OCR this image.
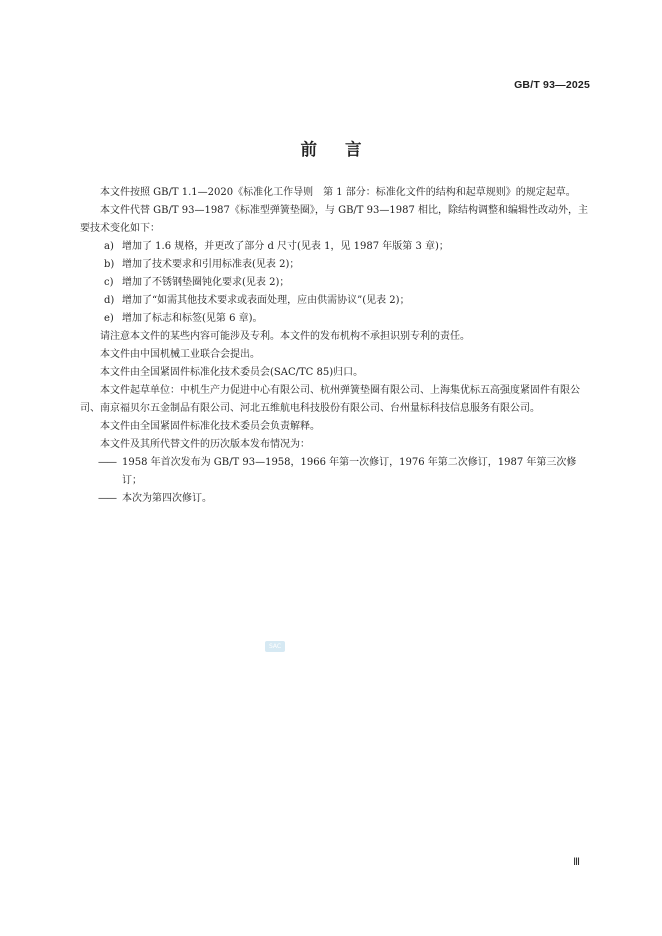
GB/T 93—2025
前言

本文件按照 GB/T 1.1—2020《标准化工作导则　第 1 部分：标准化文件的结构和起草规则》的规定起草。

本文件代替 GB/T 93—1987《标准型弹簧垫圈》，与 GB/T 93—1987 相比，除结构调整和编辑性改动外，主要技术变化如下：

a) 增加了 1.6 规格，并更改了部分 d 尺寸(见表 1，见 1987 年版第 3 章)；

b) 增加了技术要求和引用标准表(见表 2)；

c) 增加了不锈钢垫圈钝化要求(见表 2)；

d) 增加了“如需其他技术要求或表面处理，应由供需协议”(见表 2)；

e) 增加了标志和标签(见第 6 章)。

请注意本文件的某些内容可能涉及专利。本文件的发布机构不承担识别专利的责任。

本文件由中国机械工业联合会提出。

本文件由全国紧固件标准化技术委员会(SAC/TC 85)归口。

本文件起草单位：中机生产力促进中心有限公司、杭州弹簧垫圈有限公司、上海集优标五高强度紧固件有限公司、南京福贝尔五金制品有限公司、河北五维航电科技股份有限公司、台州量标科技信息服务有限公司。

本文件由全国紧固件标准化技术委员会负责解释。

本文件及其所代替文件的历次版本发布情况为：

—— 1958 年首次发布为 GB/T 93—1958，1966 年第一次修订，1976 年第二次修订，1987 年第三次修订；

—— 本次为第四次修订。

SAC
Ⅲ
